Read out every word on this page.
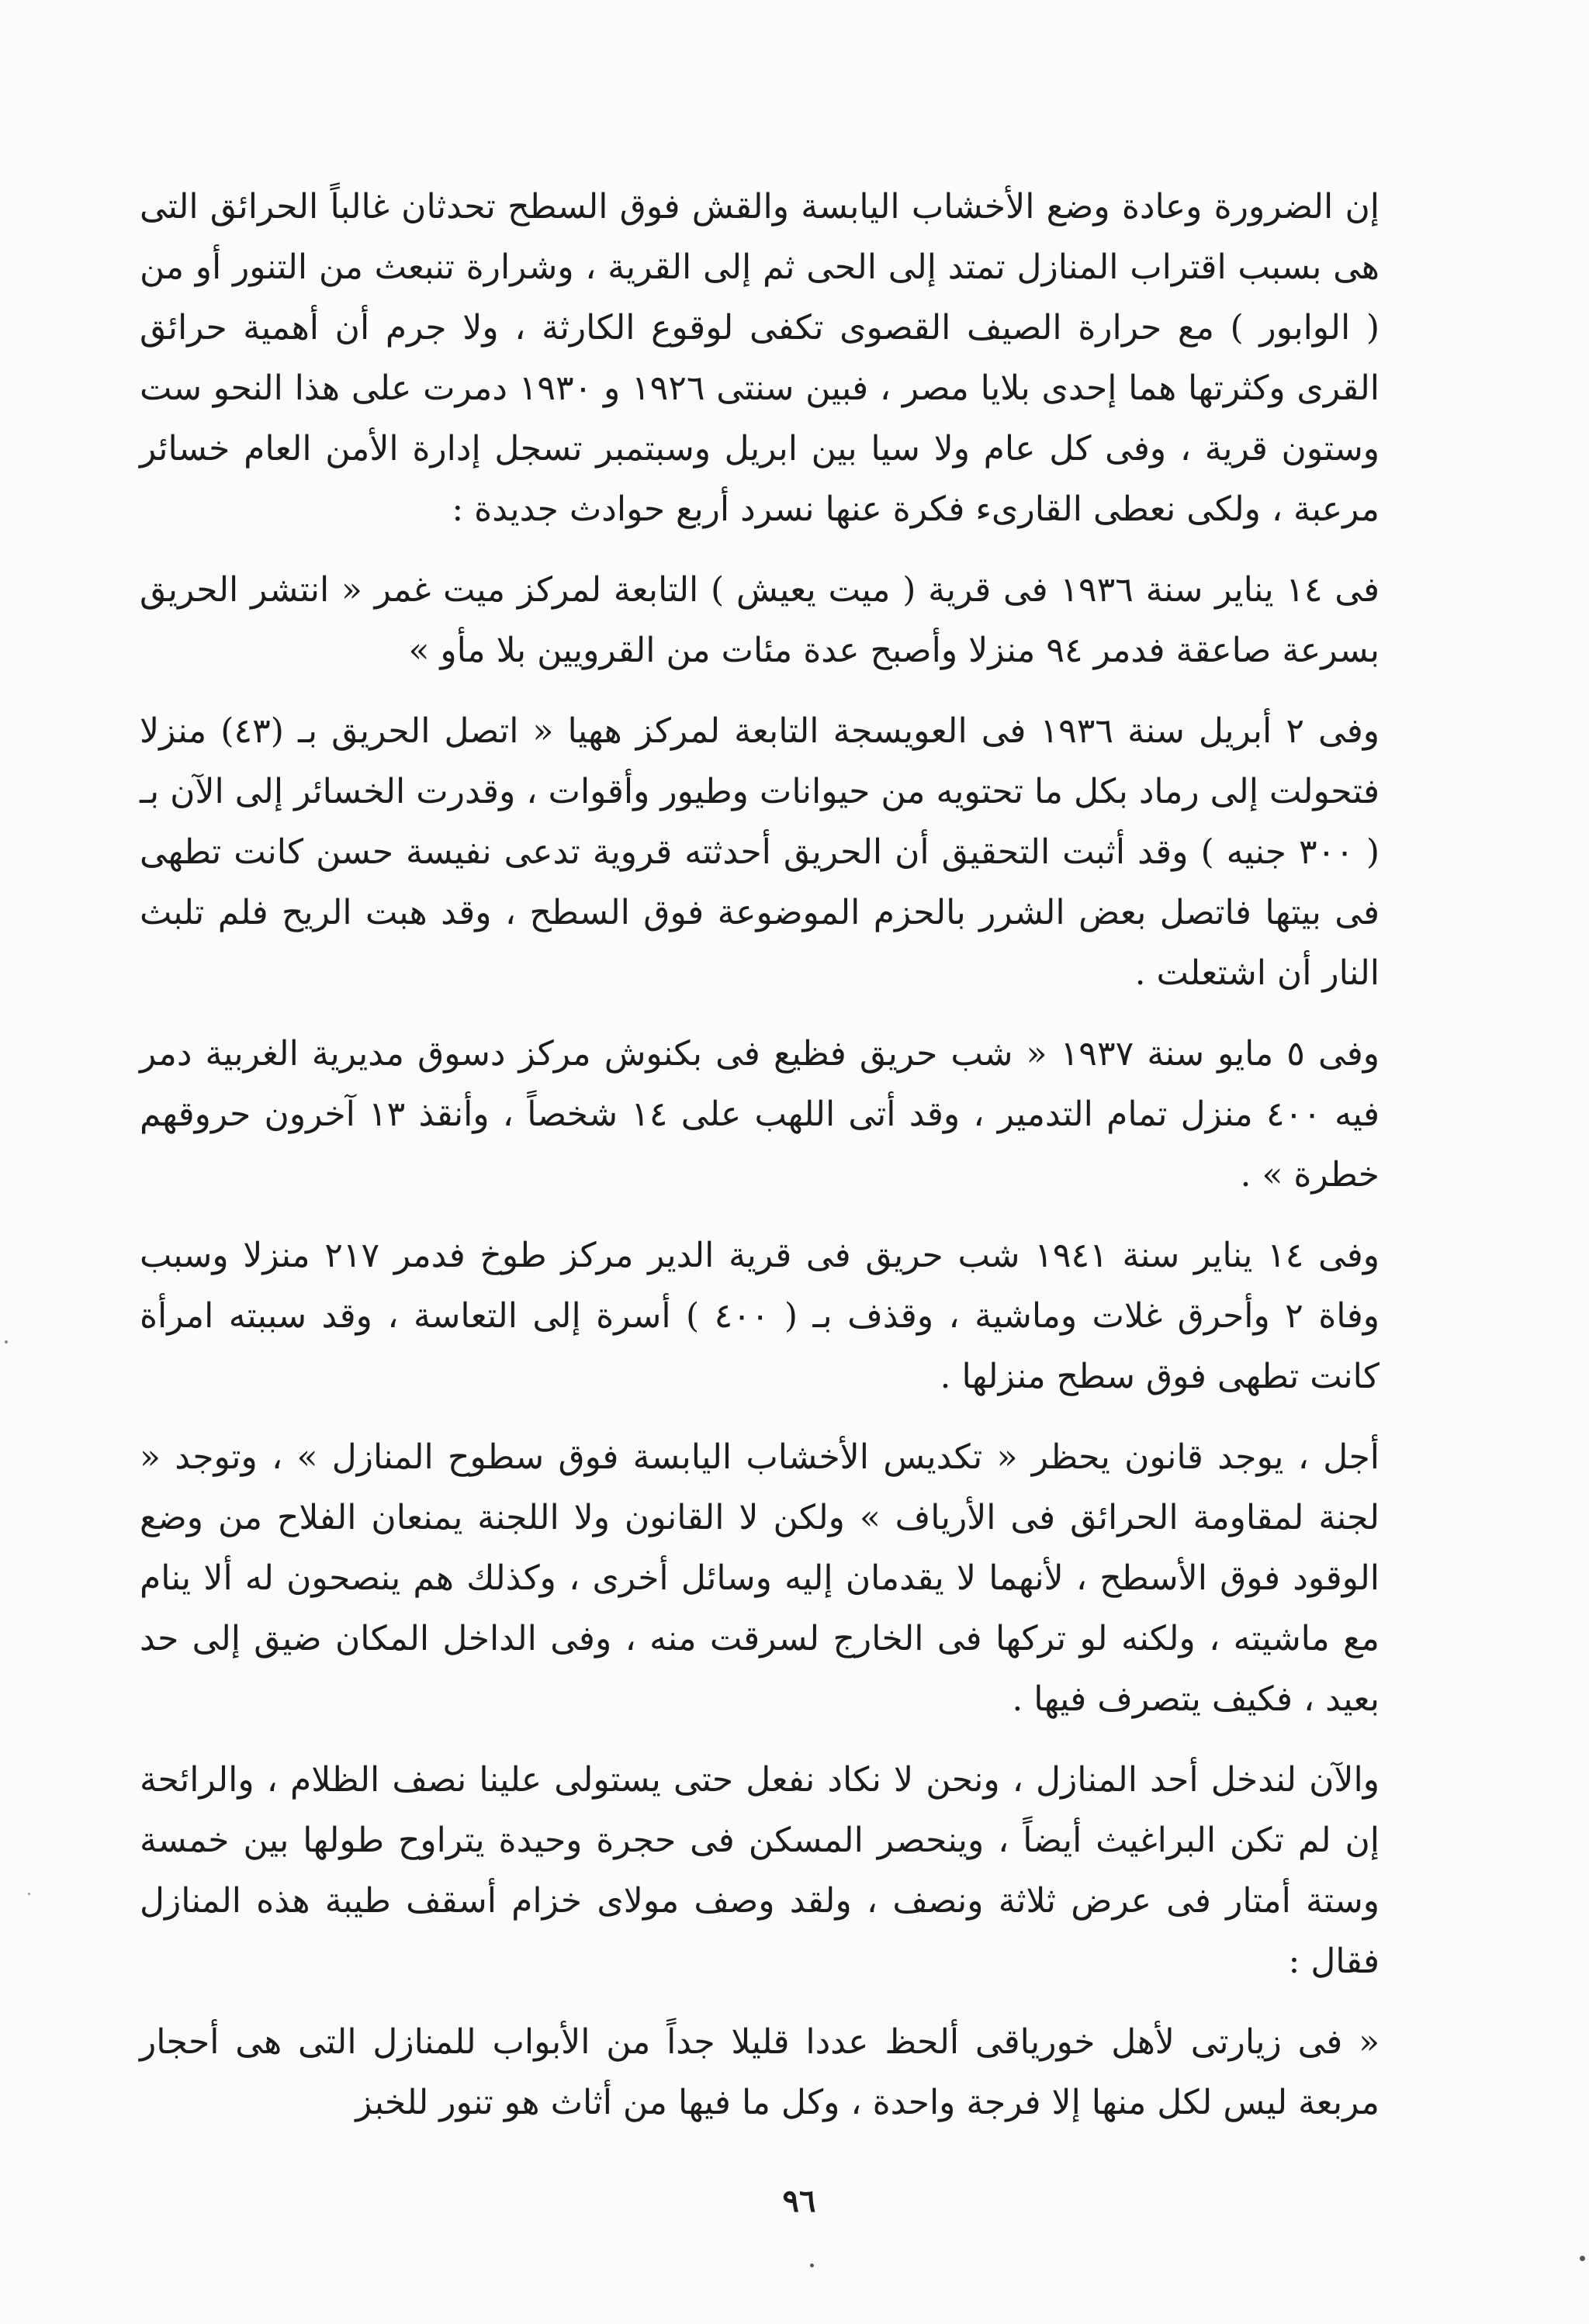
إن الضرورة وعادة وضع الأخشاب اليابسة والقش فوق السطح تحدثان غالباً الحرائق التى هى بسبب اقتراب المنازل تمتد إلى الحى ثم إلى القرية ، وشرارة تنبعث من التنور أو من ( الوابور ) مع حرارة الصيف القصوى تكفى لوقوع الكارثة ، ولا جرم أن أهمية حرائق القرى وكثرتها هما إحدى بلايا مصر ، فبين سنتى ١٩٢٦ و ١٩٣٠ دمرت على هذا النحو ست وستون قرية ، وفى كل عام ولا سيا بين ابريل وسبتمبر تسجل إدارة الأمن العام خسائر مرعبة ، ولكى نعطى القارىء فكرة عنها نسرد أربع حوادث جديدة :

فى ١٤ يناير سنة ١٩٣٦ فى قرية ( ميت يعيش ) التابعة لمركز ميت غمر « انتشر الحريق بسرعة صاعقة فدمر ٩٤ منزلا وأصبح عدة مئات من القرويين بلا مأو »

وفى ٢ أبريل سنة ١٩٣٦ فى العويسجة التابعة لمركز ههيا « اتصل الحريق بـ (٤٣) منزلا فتحولت إلى رماد بكل ما تحتويه من حيوانات وطيور وأقوات ، وقدرت الخسائر إلى الآن بـ ( ٣٠٠ جنيه ) وقد أثبت التحقيق أن الحريق أحدثته قروية تدعى نفيسة حسن كانت تطهى فى بيتها فاتصل بعض الشرر بالحزم الموضوعة فوق السطح ، وقد هبت الريح فلم تلبث النار أن اشتعلت .

وفى ٥ مايو سنة ١٩٣٧ « شب حريق فظيع فى بكنوش مركز دسوق مديرية الغربية دمر فيه ٤٠٠ منزل تمام التدمير ، وقد أتى اللهب على ١٤ شخصاً ، وأنقذ ١٣ آخرون حروقهم خطرة » .

وفى ١٤ يناير سنة ١٩٤١ شب حريق فى قرية الدير مركز طوخ فدمر ٢١٧ منزلا وسبب وفاة ٢ وأحرق غلات وماشية ، وقذف بـ ( ٤٠٠ ) أسرة إلى التعاسة ، وقد سببته امرأة كانت تطهى فوق سطح منزلها .

أجل ، يوجد قانون يحظر « تكديس الأخشاب اليابسة فوق سطوح المنازل » ، وتوجد « لجنة لمقاومة الحرائق فى الأرياف » ولكن لا القانون ولا اللجنة يمنعان الفلاح من وضع الوقود فوق الأسطح ، لأنهما لا يقدمان إليه وسائل أخرى ، وكذلك هم ينصحون له ألا ينام مع ماشيته ، ولكنه لو تركها فى الخارج لسرقت منه ، وفى الداخل المكان ضيق إلى حد بعيد ، فكيف يتصرف فيها .

والآن لندخل أحد المنازل ، ونحن لا نكاد نفعل حتى يستولى علينا نصف الظلام ، والرائحة إن لم تكن البراغيث أيضاً ، وينحصر المسكن فى حجرة وحيدة يتراوح طولها بين خمسة وستة أمتار فى عرض ثلاثة ونصف ، ولقد وصف مولاى خزام أسقف طيبة هذه المنازل فقال :

« فى زيارتى لأهل خورياقى ألحظ عددا قليلا جداً من الأبواب للمنازل التى هى أحجار مربعة ليس لكل منها إلا فرجة واحدة ، وكل ما فيها من أثاث هو تنور للخبز

٩٦
